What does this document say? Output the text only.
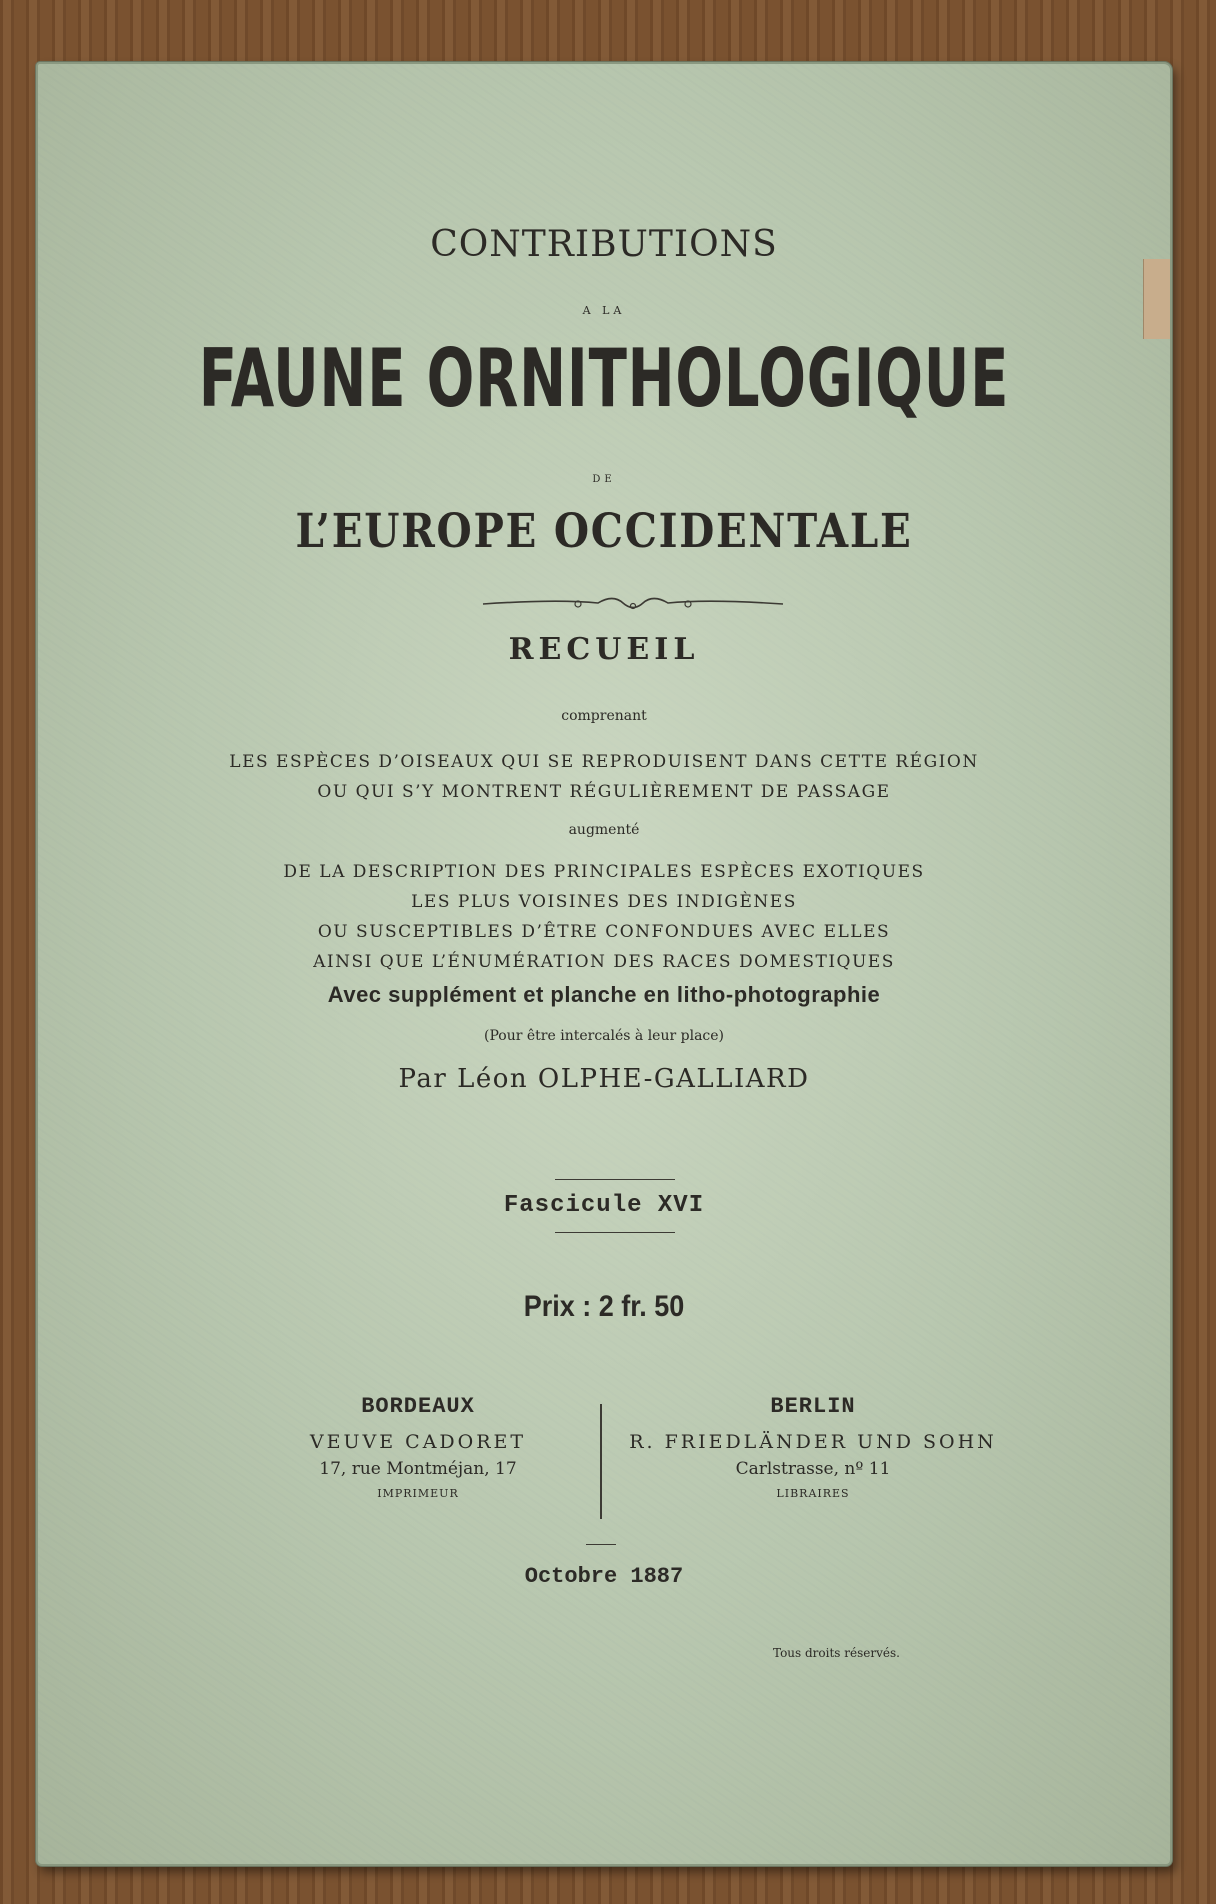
CONTRIBUTIONS
A LA
FAUNE ORNITHOLOGIQUE
DE
L’EUROPE OCCIDENTALE
RECUEIL
comprenant
LES ESPÈCES D’OISEAUX QUI SE REPRODUISENT DANS CETTE RÉGION
OU QUI S’Y MONTRENT RÉGULIÈREMENT DE PASSAGE
augmenté
DE LA DESCRIPTION DES PRINCIPALES ESPÈCES EXOTIQUES
LES PLUS VOISINES DES INDIGÈNES
OU SUSCEPTIBLES D’ÊTRE CONFONDUES AVEC ELLES
AINSI QUE L’ÉNUMÉRATION DES RACES DOMESTIQUES
Avec supplément et planche en litho-photographie
(Pour être intercalés à leur place)
Par Léon OLPHE-GALLIARD
Fascicule XVI
Prix : 2 fr. 50
BORDEAUX
VEUVE CADORET
17, rue Montméjan, 17
IMPRIMEUR
BERLIN
R. FRIEDLÄNDER UND SOHN
Carlstrasse, nº 11
LIBRAIRES
Octobre 1887
Tous droits réservés.
